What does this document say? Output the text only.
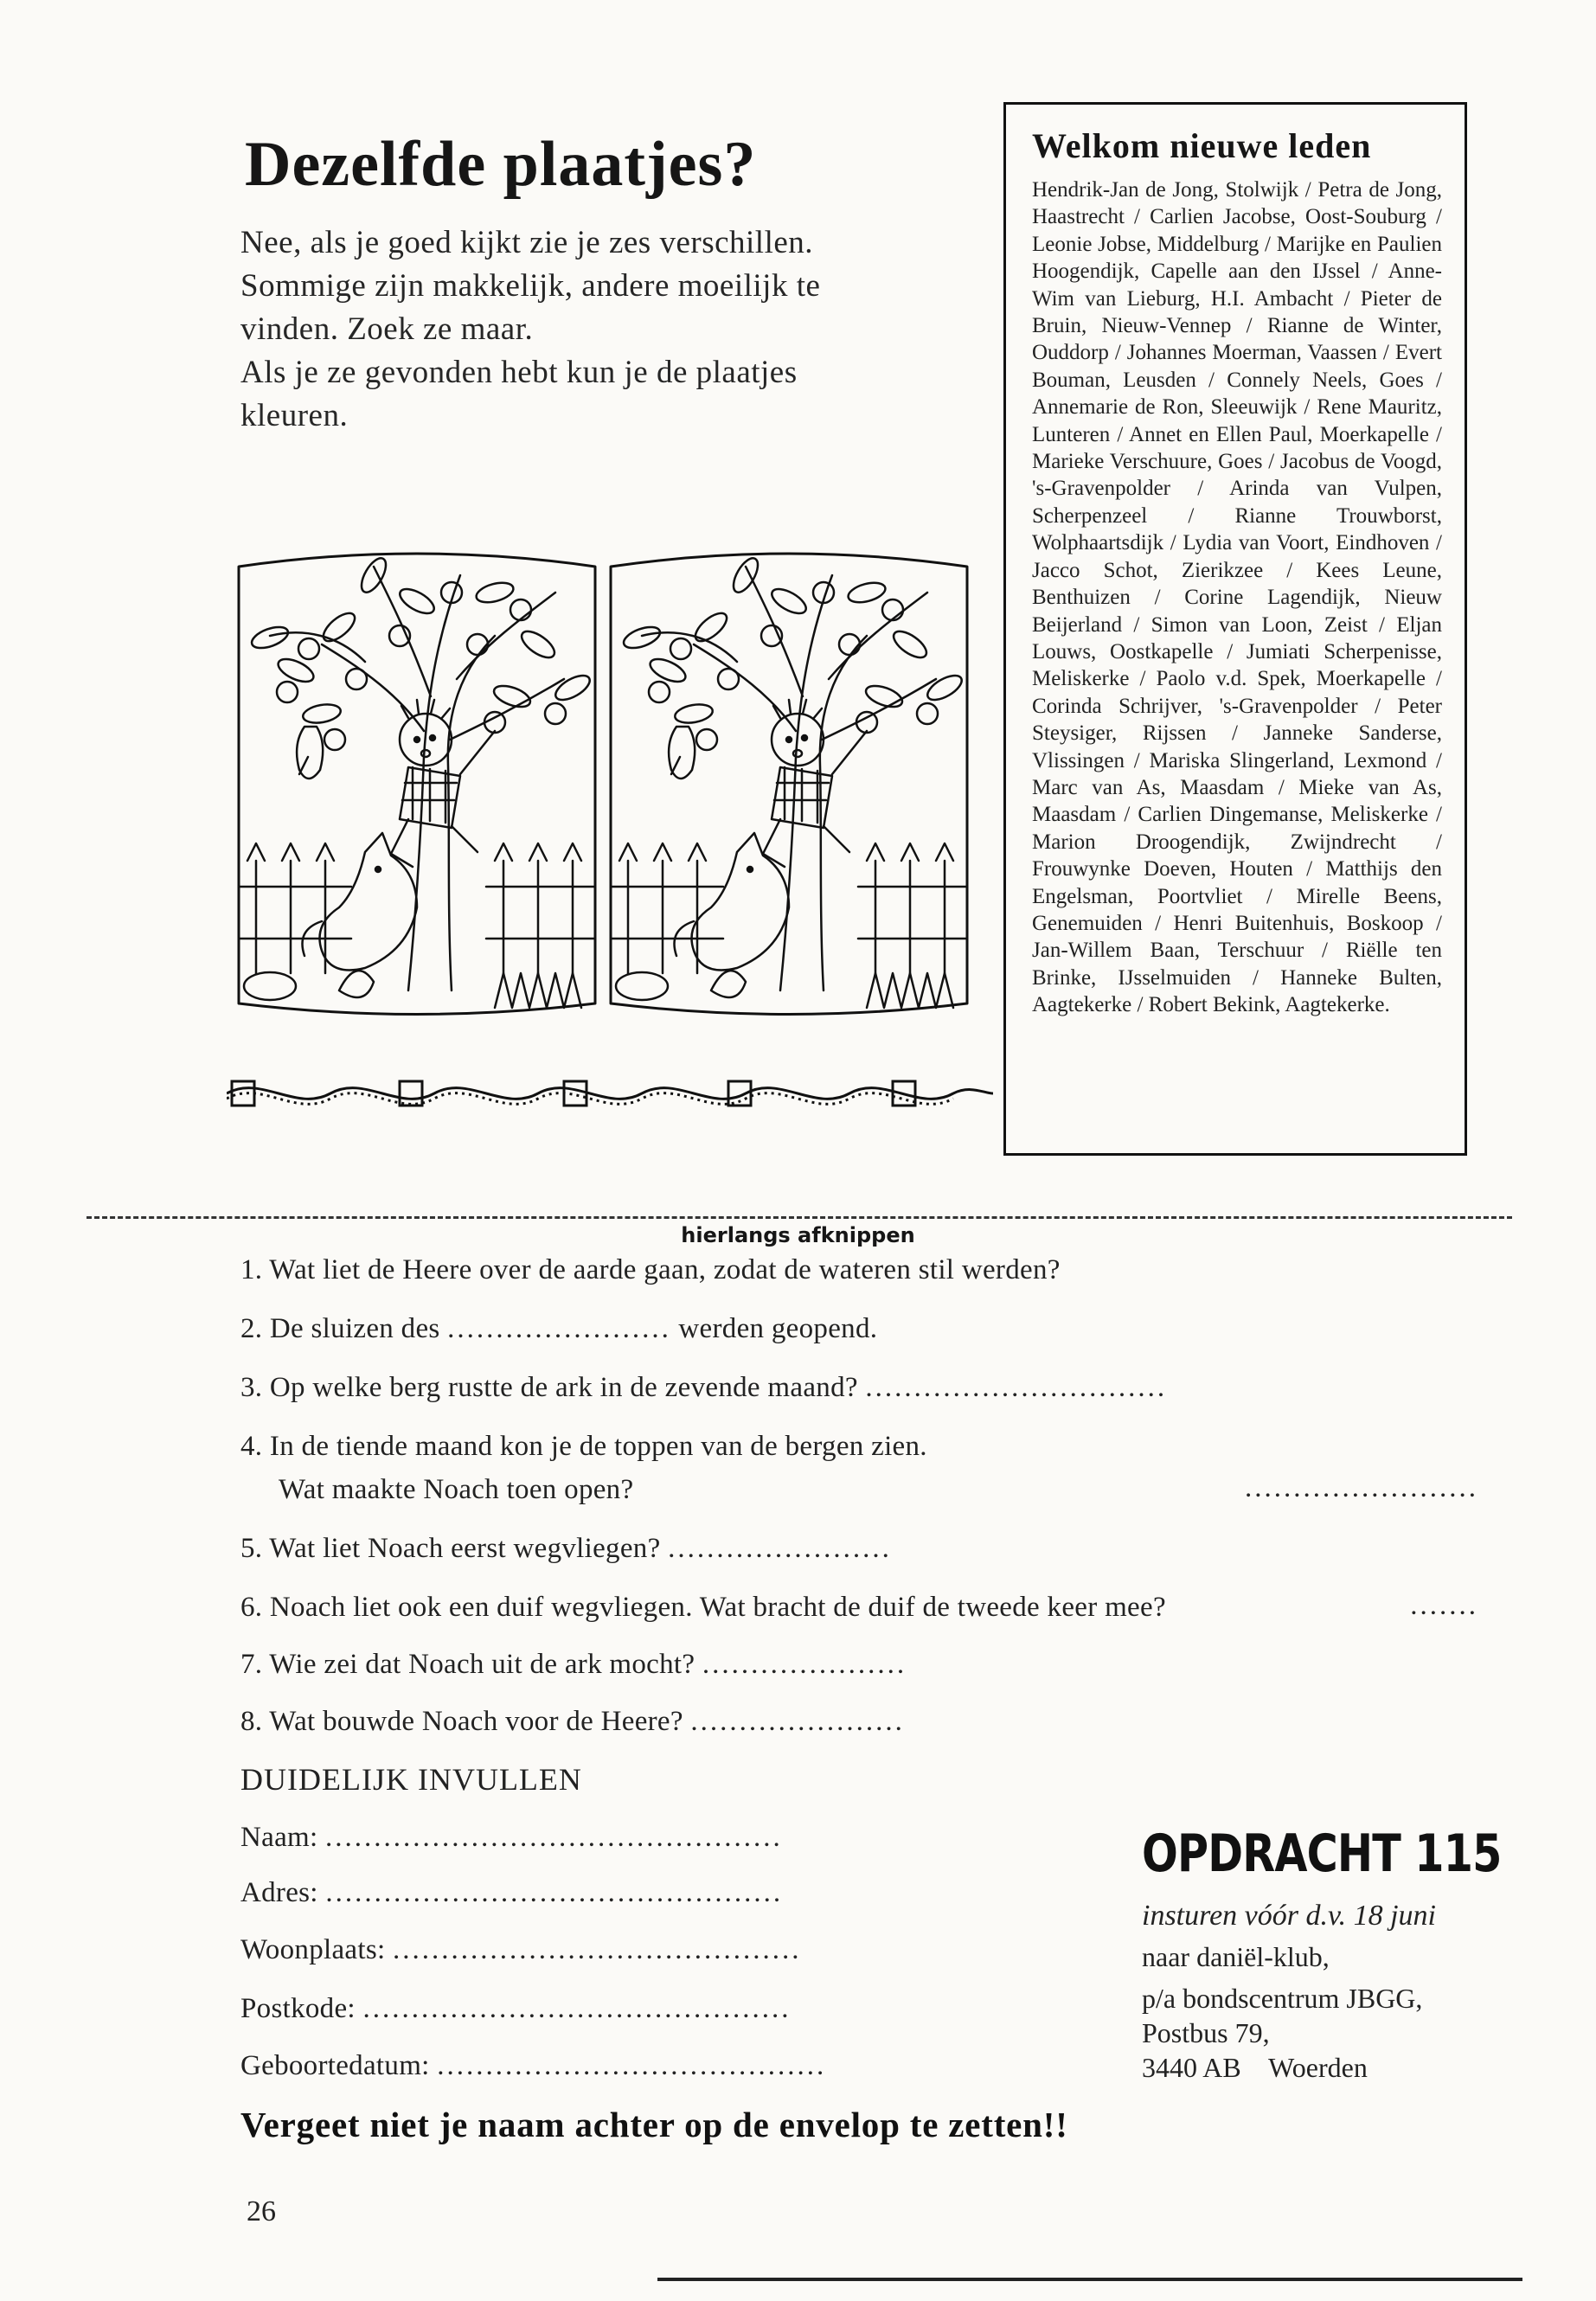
Dezelfde plaatjes?

Nee, als je goed kijkt zie je zes verschillen.

Sommige zijn makkelijk, andere moeilijk te

vinden. Zoek ze maar.

Als je ze gevonden hebt kun je de plaatjes

kleuren.

Welkom nieuwe leden
Hendrik-Jan de Jong, Stolwijk / Petra de Jong, Haastrecht / Carlien Jacobse, Oost-Souburg / Leonie Jobse, Middelburg / Marijke en Paulien Hoogendijk, Capelle aan den IJssel / Anne-Wim van Lieburg, H.I. Ambacht / Pieter de Bruin, Nieuw-Vennep / Rianne de Winter, Ouddorp / Johannes Moerman, Vaassen / Evert Bouman, Leusden / Connely Neels, Goes / Annemarie de Ron, Sleeuwijk / Rene Mauritz, Lunteren / Annet en Ellen Paul, Moerkapelle / Marieke Verschuure, Goes / Jacobus de Voogd, 's-Gravenpolder / Arinda van Vulpen, Scherpenzeel / Rianne Trouwborst, Wolphaartsdijk / Lydia van Voort, Eindhoven / Jacco Schot, Zierikzee / Kees Leune, Benthuizen / Corine Lagendijk, Nieuw Beijerland / Simon van Loon, Zeist / Eljan Louws, Oostkapelle / Jumiati Scherpenisse, Meliskerke / Paolo v.d. Spek, Moerkapelle / Corinda Schrijver, 's-Gravenpolder / Peter Steysiger, Rijssen / Janneke Sanderse, Vlissingen / Mariska Slingerland, Lexmond / Marc van As, Maasdam / Mieke van As, Maasdam / Carlien Dingemanse, Meliskerke / Marion Droogendijk, Zwijndrecht / Frouwynke Doeven, Houten / Matthijs den Engelsman, Poortvliet / Mirelle Beens, Genemuiden / Henri Buitenhuis, Boskoop / Jan-Willem Baan, Terschuur / Riëlle ten Brinke, IJsselmuiden / Hanneke Bulten, Aagtekerke / Robert Bekink, Aagtekerke.
hierlangs afknippen
1. Wat liet de Heere over de aarde gaan, zodat de wateren stil werden?
2. De sluizen des ....................... werden geopend.
3. Op welke berg rustte de ark in de zevende maand? ...............................
4. In de tiende maand kon je de toppen van de bergen zien.
Wat maakte Noach toen open?	........................
5. Wat liet Noach eerst wegvliegen? .......................
6. Noach liet ook een duif wegvliegen. Wat bracht de duif de tweede keer mee?	.......
7. Wie zei dat Noach uit de ark mocht? .....................
8. Wat bouwde Noach voor de Heere? ......................
DUIDELIJK INVULLEN
Naam: ...............................................
Adres: ...............................................
Woonplaats: ..........................................
Postkode: ............................................
Geboortedatum: ........................................
OPDRACHT 115
insturen vóór d.v. 18 juni
naar daniël-klub,
p/a bondscentrum JBGG,
Postbus 79,
3440 AB    Woerden
Vergeet niet je naam achter op de envelop te zetten!!
26
